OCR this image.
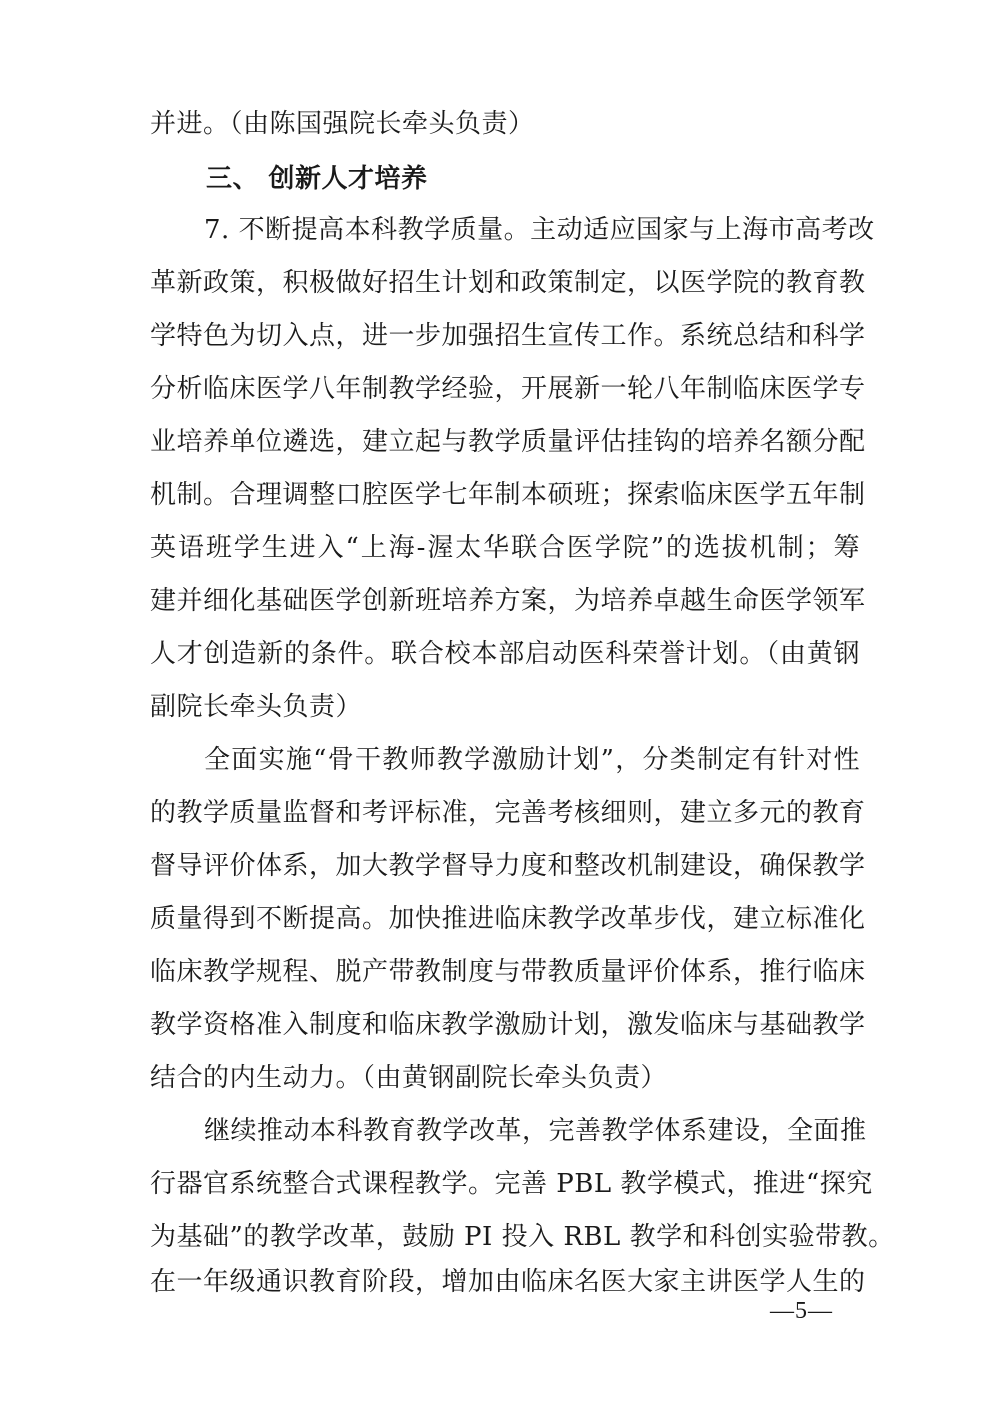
并进。（由陈国强院长牵头负责）
三、 创新人才培养
7. 不断提高本科教学质量。主动适应国家与上海市高考改
革新政策，积极做好招生计划和政策制定，以医学院的教育教
学特色为切入点，进一步加强招生宣传工作。系统总结和科学
分析临床医学八年制教学经验，开展新一轮八年制临床医学专
业培养单位遴选，建立起与教学质量评估挂钩的培养名额分配
机制。合理调整口腔医学七年制本硕班；探索临床医学五年制
英语班学生进入“上海-渥太华联合医学院”的选拔机制；筹
建并细化基础医学创新班培养方案，为培养卓越生命医学领军
人才创造新的条件。联合校本部启动医科荣誉计划。（由黄钢
副院长牵头负责）
全面实施“骨干教师教学激励计划”，分类制定有针对性
的教学质量监督和考评标准，完善考核细则，建立多元的教育
督导评价体系，加大教学督导力度和整改机制建设，确保教学
质量得到不断提高。加快推进临床教学改革步伐，建立标准化
临床教学规程、脱产带教制度与带教质量评价体系，推行临床
教学资格准入制度和临床教学激励计划，激发临床与基础教学
结合的内生动力。（由黄钢副院长牵头负责）
继续推动本科教育教学改革，完善教学体系建设，全面推
行器官系统整合式课程教学。完善 PBL 教学模式，推进“探究
为基础”的教学改革，鼓励 PI 投入 RBL 教学和科创实验带教。
在一年级通识教育阶段，增加由临床名医大家主讲医学人生的
—5—
